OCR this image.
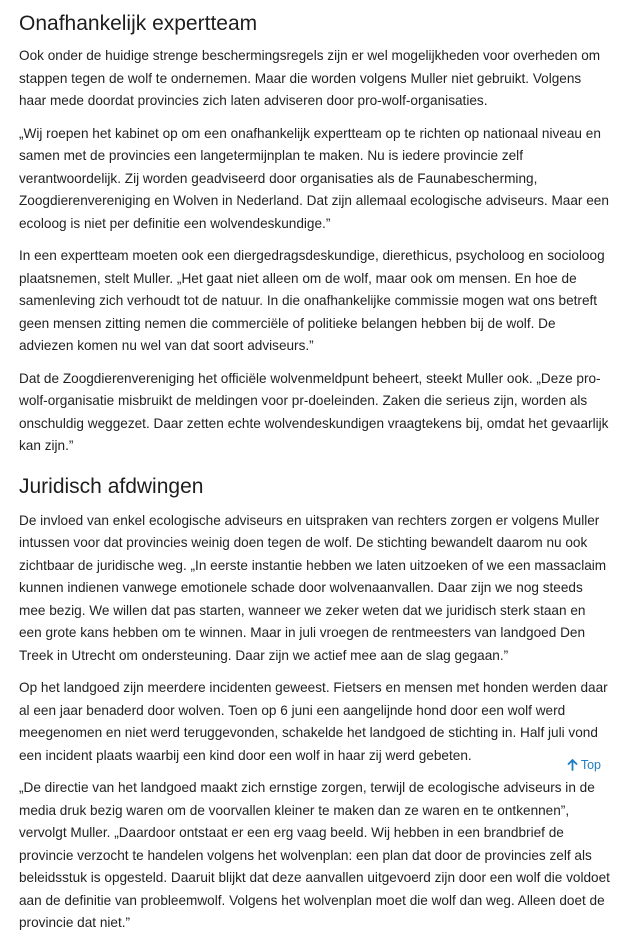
Onafhankelijk expertteam

Ook onder de huidige strenge beschermingsregels zijn er wel mogelijkheden voor overheden om stappen tegen de wolf te ondernemen. Maar die worden volgens Muller niet gebruikt. Volgens haar mede doordat provincies zich laten adviseren door pro-wolf-organisaties.

„Wij roepen het kabinet op om een onafhankelijk expertteam op te richten op nationaal niveau en samen met de provincies een langetermijnplan te maken. Nu is iedere provincie zelf verantwoordelijk. Zij worden geadviseerd door organisaties als de Faunabescherming, Zoogdierenvereniging en Wolven in Nederland. Dat zijn allemaal ecologische adviseurs. Maar een ecoloog is niet per definitie een wolvendeskundige.”

In een expertteam moeten ook een diergedragsdeskundige, dierethicus, psycholoog en socioloog plaatsnemen, stelt Muller. „Het gaat niet alleen om de wolf, maar ook om mensen. En hoe de samenleving zich verhoudt tot de natuur. In die onafhankelijke commissie mogen wat ons betreft geen mensen zitting nemen die commerciële of politieke belangen hebben bij de wolf. De adviezen komen nu wel van dat soort adviseurs.”

Dat de Zoogdierenvereniging het officiële wolvenmeldpunt beheert, steekt Muller ook. „Deze pro-wolf-organisatie misbruikt de meldingen voor pr-doeleinden. Zaken die serieus zijn, worden als onschuldig weggezet. Daar zetten echte wolvendeskundigen vraagtekens bij, omdat het gevaarlijk kan zijn.”

Juridisch afdwingen

De invloed van enkel ecologische adviseurs en uitspraken van rechters zorgen er volgens Muller intussen voor dat provincies weinig doen tegen de wolf. De stichting bewandelt daarom nu ook zichtbaar de juridische weg. „In eerste instantie hebben we laten uitzoeken of we een massaclaim kunnen indienen vanwege emotionele schade door wolvenaanvallen. Daar zijn we nog steeds mee bezig. We willen dat pas starten, wanneer we zeker weten dat we juridisch sterk staan en een grote kans hebben om te winnen. Maar in juli vroegen de rentmeesters van landgoed Den Treek in Utrecht om ondersteuning. Daar zijn we actief mee aan de slag gegaan.”

Op het landgoed zijn meerdere incidenten geweest. Fietsers en mensen met honden werden daar al een jaar benaderd door wolven. Toen op 6 juni een aangelijnde hond door een wolf werd meegenomen en niet werd teruggevonden, schakelde het landgoed de stichting in. Half juli vond een incident plaats waarbij een kind door een wolf in haar zij werd gebeten.

„De directie van het landgoed maakt zich ernstige zorgen, terwijl de ecologische adviseurs in de media druk bezig waren om de voorvallen kleiner te maken dan ze waren en te ontkennen”, vervolgt Muller. „Daardoor ontstaat er een erg vaag beeld. Wij hebben in een brandbrief de provincie verzocht te handelen volgens het wolvenplan: een plan dat door de provincies zelf als beleidsstuk is opgesteld. Daaruit blijkt dat deze aanvallen uitgevoerd zijn door een wolf die voldoet aan de definitie van probleemwolf. Volgens het wolvenplan moet die wolf dan weg. Alleen doet de provincie dat niet.”

Top
